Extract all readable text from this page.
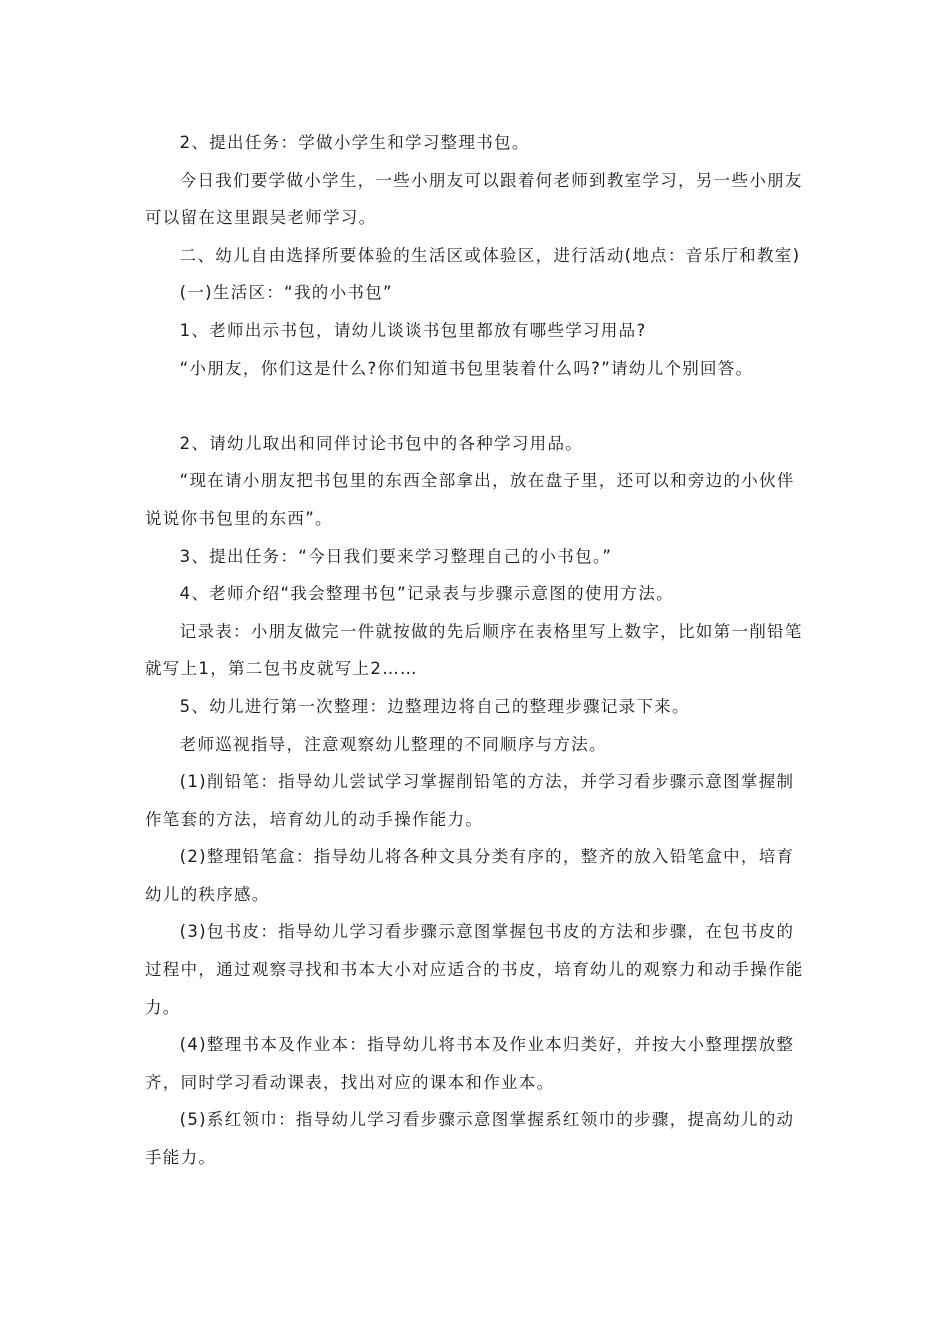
2、提出任务：学做小学生和学习整理书包。

今日我们要学做小学生，一些小朋友可以跟着何老师到教室学习，另一些小朋友可以留在这里跟吴老师学习。

二、幼儿自由选择所要体验的生活区或体验区，进行活动(地点：音乐厅和教室)

(一)生活区：“我的小书包”

1、老师出示书包，请幼儿谈谈书包里都放有哪些学习用品?

“小朋友，你们这是什么?你们知道书包里装着什么吗?”请幼儿个别回答。

2、请幼儿取出和同伴讨论书包中的各种学习用品。

“现在请小朋友把书包里的东西全部拿出，放在盘子里，还可以和旁边的小伙伴说说你书包里的东西”。

3、提出任务：“今日我们要来学习整理自己的小书包。”

4、老师介绍“我会整理书包”记录表与步骤示意图的使用方法。

记录表：小朋友做完一件就按做的先后顺序在表格里写上数字，比如第一削铅笔就写上1，第二包书皮就写上2……

5、幼儿进行第一次整理：边整理边将自己的整理步骤记录下来。

老师巡视指导，注意观察幼儿整理的不同顺序与方法。

(1)削铅笔：指导幼儿尝试学习掌握削铅笔的方法，并学习看步骤示意图掌握制作笔套的方法，培育幼儿的动手操作能力。

(2)整理铅笔盒：指导幼儿将各种文具分类有序的，整齐的放入铅笔盒中，培育幼儿的秩序感。

(3)包书皮：指导幼儿学习看步骤示意图掌握包书皮的方法和步骤，在包书皮的过程中，通过观察寻找和书本大小对应适合的书皮，培育幼儿的观察力和动手操作能力。

(4)整理书本及作业本：指导幼儿将书本及作业本归类好，并按大小整理摆放整齐，同时学习看动课表，找出对应的课本和作业本。

(5)系红领巾：指导幼儿学习看步骤示意图掌握系红领巾的步骤，提高幼儿的动手能力。
